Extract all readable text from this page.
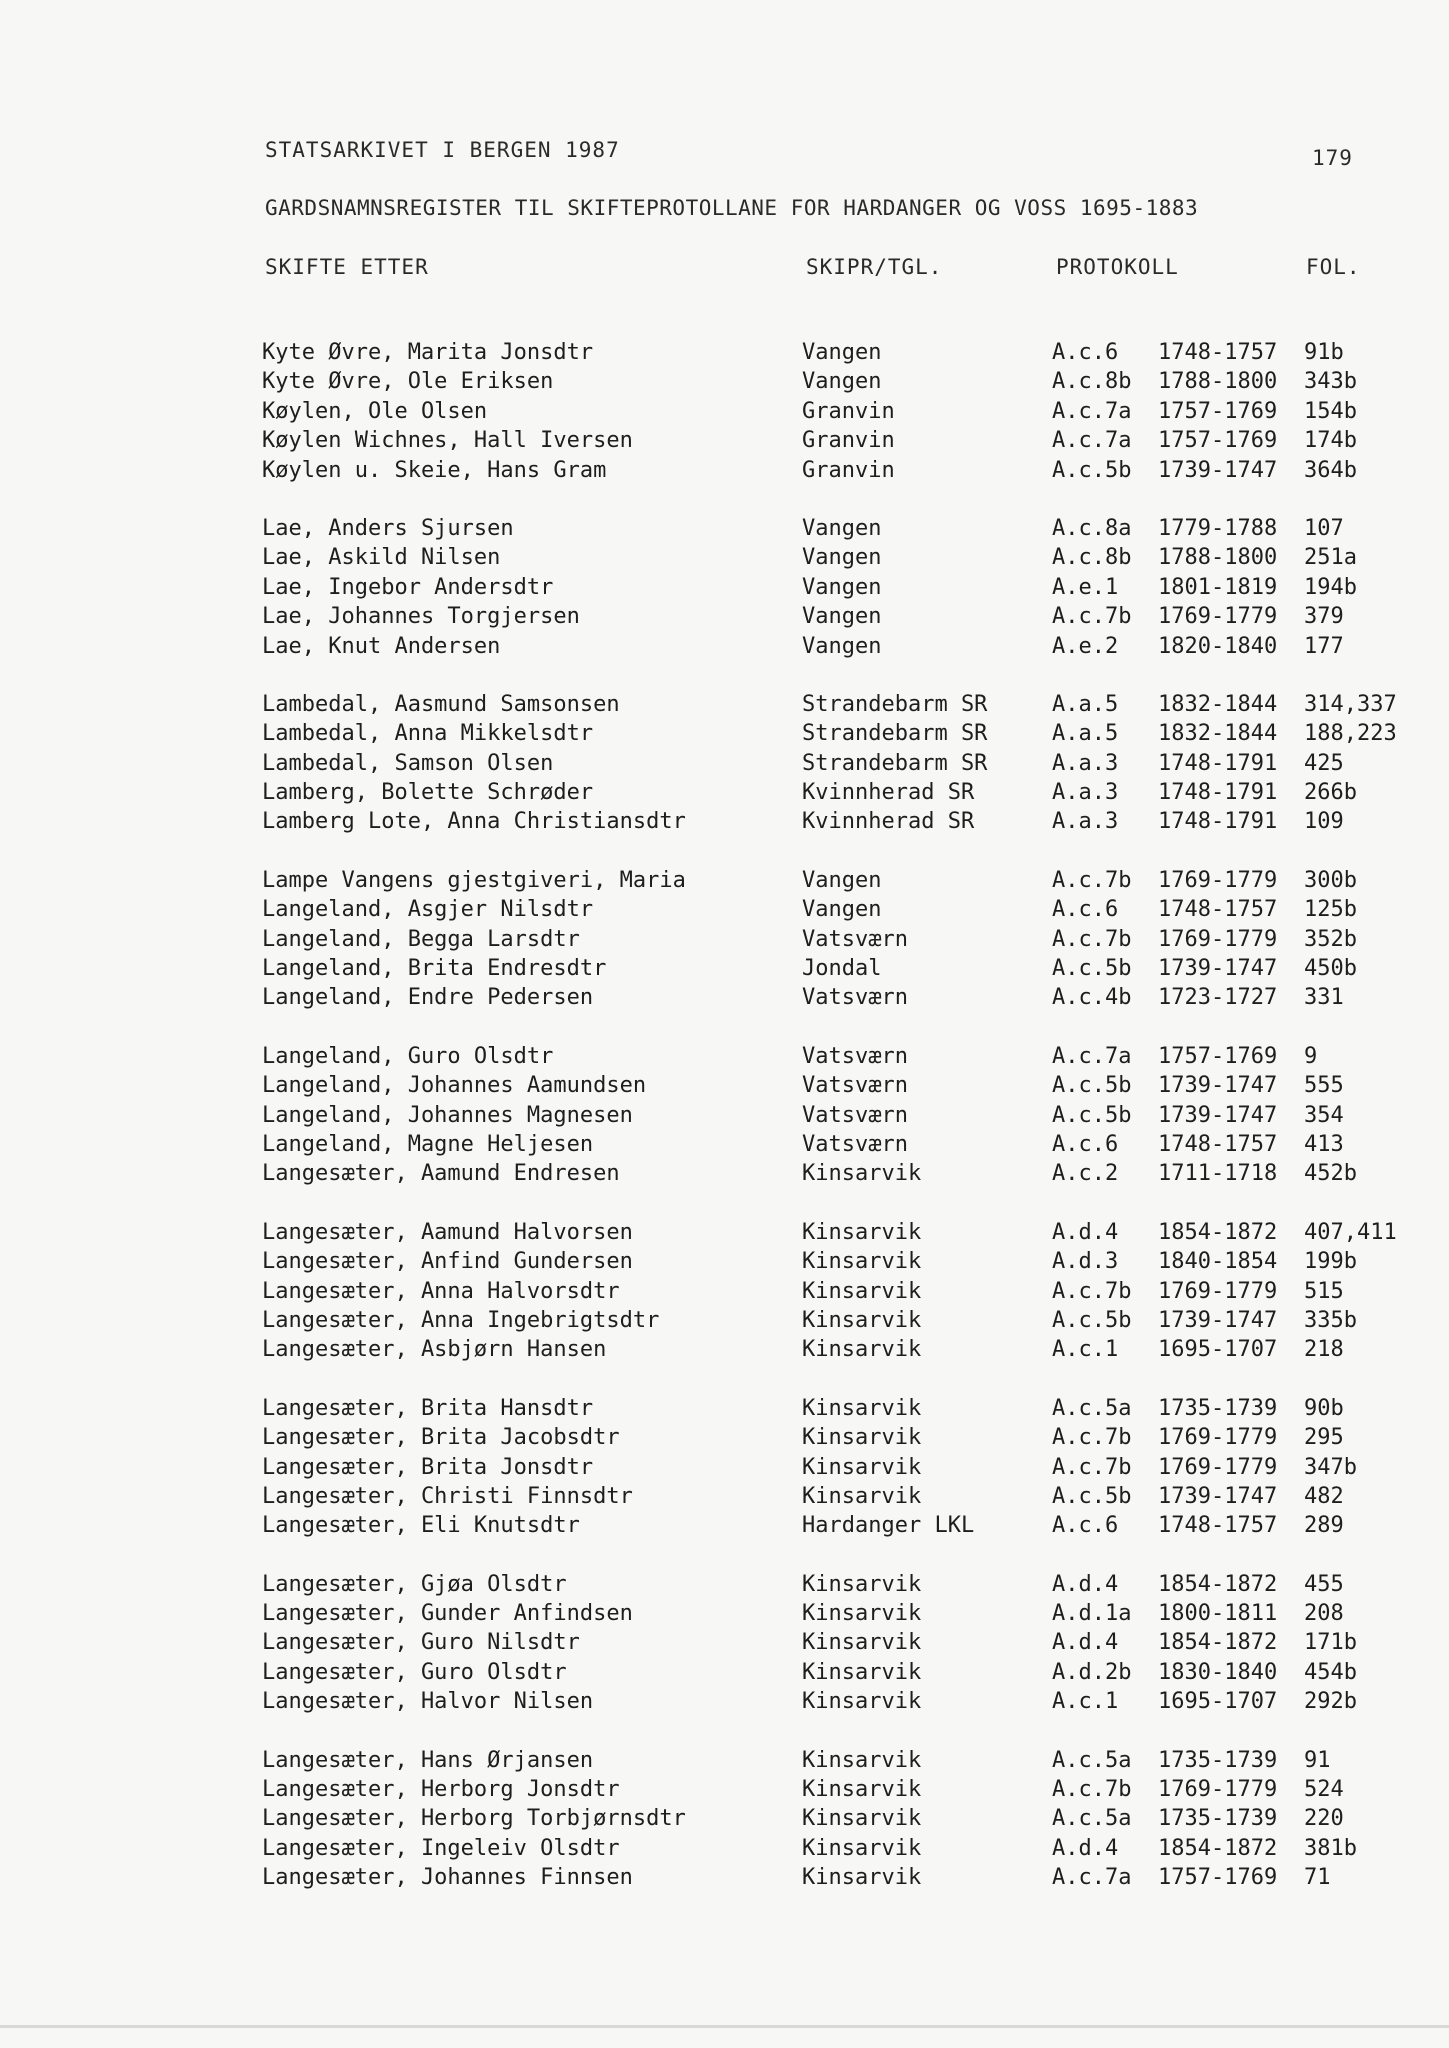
STATSARKIVET I BERGEN 1987	179
GARDSNAMNSREGISTER TIL SKIFTEPROTOLLANE FOR HARDANGER OG VOSS 1695-1883
SKIFTE ETTER	SKIPR/TGL.	PROTOKOLL	FOL.
Kyte Øvre, Marita Jonsdtr	Vangen	A.c.6 1748-1757 91b
Kyte Øvre, Ole Eriksen	Vangen	A.c.8b 1788-1800 343b
Køylen, Ole Olsen	Granvin	A.c.7a 1757-1769 154b
Køylen Wichnes, Hall Iversen	Granvin	A.c.7a 1757-1769 174b
Køylen u. Skeie, Hans Gram	Granvin	A.c.5b 1739-1747 364b
Lae, Anders Sjursen	Vangen	A.c.8a 1779-1788 107
Lae, Askild Nilsen	Vangen	A.c.8b 1788-1800 251a
Lae, Ingebor Andersdtr	Vangen	A.e.1 1801-1819 194b
Lae, Johannes Torgjersen	Vangen	A.c.7b 1769-1779 379
Lae, Knut Andersen	Vangen	A.e.2 1820-1840 177
Lambedal, Aasmund Samsonsen	Strandebarm SR	A.a.5 1832-1844 314,337
Lambedal, Anna Mikkelsdtr	Strandebarm SR	A.a.5 1832-1844 188,223
Lambedal, Samson Olsen	Strandebarm SR	A.a.3 1748-1791 425
Lamberg, Bolette Schrøder	Kvinnherad SR	A.a.3 1748-1791 266b
Lamberg Lote, Anna Christiansdtr	Kvinnherad SR	A.a.3 1748-1791 109
Lampe Vangens gjestgiveri, Maria	Vangen	A.c.7b 1769-1779 300b
Langeland, Asgjer Nilsdtr	Vangen	A.c.6 1748-1757 125b
Langeland, Begga Larsdtr	Vatsværn	A.c.7b 1769-1779 352b
Langeland, Brita Endresdtr	Jondal	A.c.5b 1739-1747 450b
Langeland, Endre Pedersen	Vatsværn	A.c.4b 1723-1727 331
Langeland, Guro Olsdtr	Vatsværn	A.c.7a 1757-1769 9
Langeland, Johannes Aamundsen	Vatsværn	A.c.5b 1739-1747 555
Langeland, Johannes Magnesen	Vatsværn	A.c.5b 1739-1747 354
Langeland, Magne Heljesen	Vatsværn	A.c.6 1748-1757 413
Langesæter, Aamund Endresen	Kinsarvik	A.c.2 1711-1718 452b
Langesæter, Aamund Halvorsen	Kinsarvik	A.d.4 1854-1872 407,411
Langesæter, Anfind Gundersen	Kinsarvik	A.d.3 1840-1854 199b
Langesæter, Anna Halvorsdtr	Kinsarvik	A.c.7b 1769-1779 515
Langesæter, Anna Ingebrigtsdtr	Kinsarvik	A.c.5b 1739-1747 335b
Langesæter, Asbjørn Hansen	Kinsarvik	A.c.1 1695-1707 218
Langesæter, Brita Hansdtr	Kinsarvik	A.c.5a 1735-1739 90b
Langesæter, Brita Jacobsdtr	Kinsarvik	A.c.7b 1769-1779 295
Langesæter, Brita Jonsdtr	Kinsarvik	A.c.7b 1769-1779 347b
Langesæter, Christi Finnsdtr	Kinsarvik	A.c.5b 1739-1747 482
Langesæter, Eli Knutsdtr	Hardanger LKL	A.c.6 1748-1757 289
Langesæter, Gjøa Olsdtr	Kinsarvik	A.d.4 1854-1872 455
Langesæter, Gunder Anfindsen	Kinsarvik	A.d.1a 1800-1811 208
Langesæter, Guro Nilsdtr	Kinsarvik	A.d.4 1854-1872 171b
Langesæter, Guro Olsdtr	Kinsarvik	A.d.2b 1830-1840 454b
Langesæter, Halvor Nilsen	Kinsarvik	A.c.1 1695-1707 292b
Langesæter, Hans Ørjansen	Kinsarvik	A.c.5a 1735-1739 91
Langesæter, Herborg Jonsdtr	Kinsarvik	A.c.7b 1769-1779 524
Langesæter, Herborg Torbjørnsdtr	Kinsarvik	A.c.5a 1735-1739 220
Langesæter, Ingeleiv Olsdtr	Kinsarvik	A.d.4 1854-1872 381b
Langesæter, Johannes Finnsen	Kinsarvik	A.c.7a 1757-1769 71
